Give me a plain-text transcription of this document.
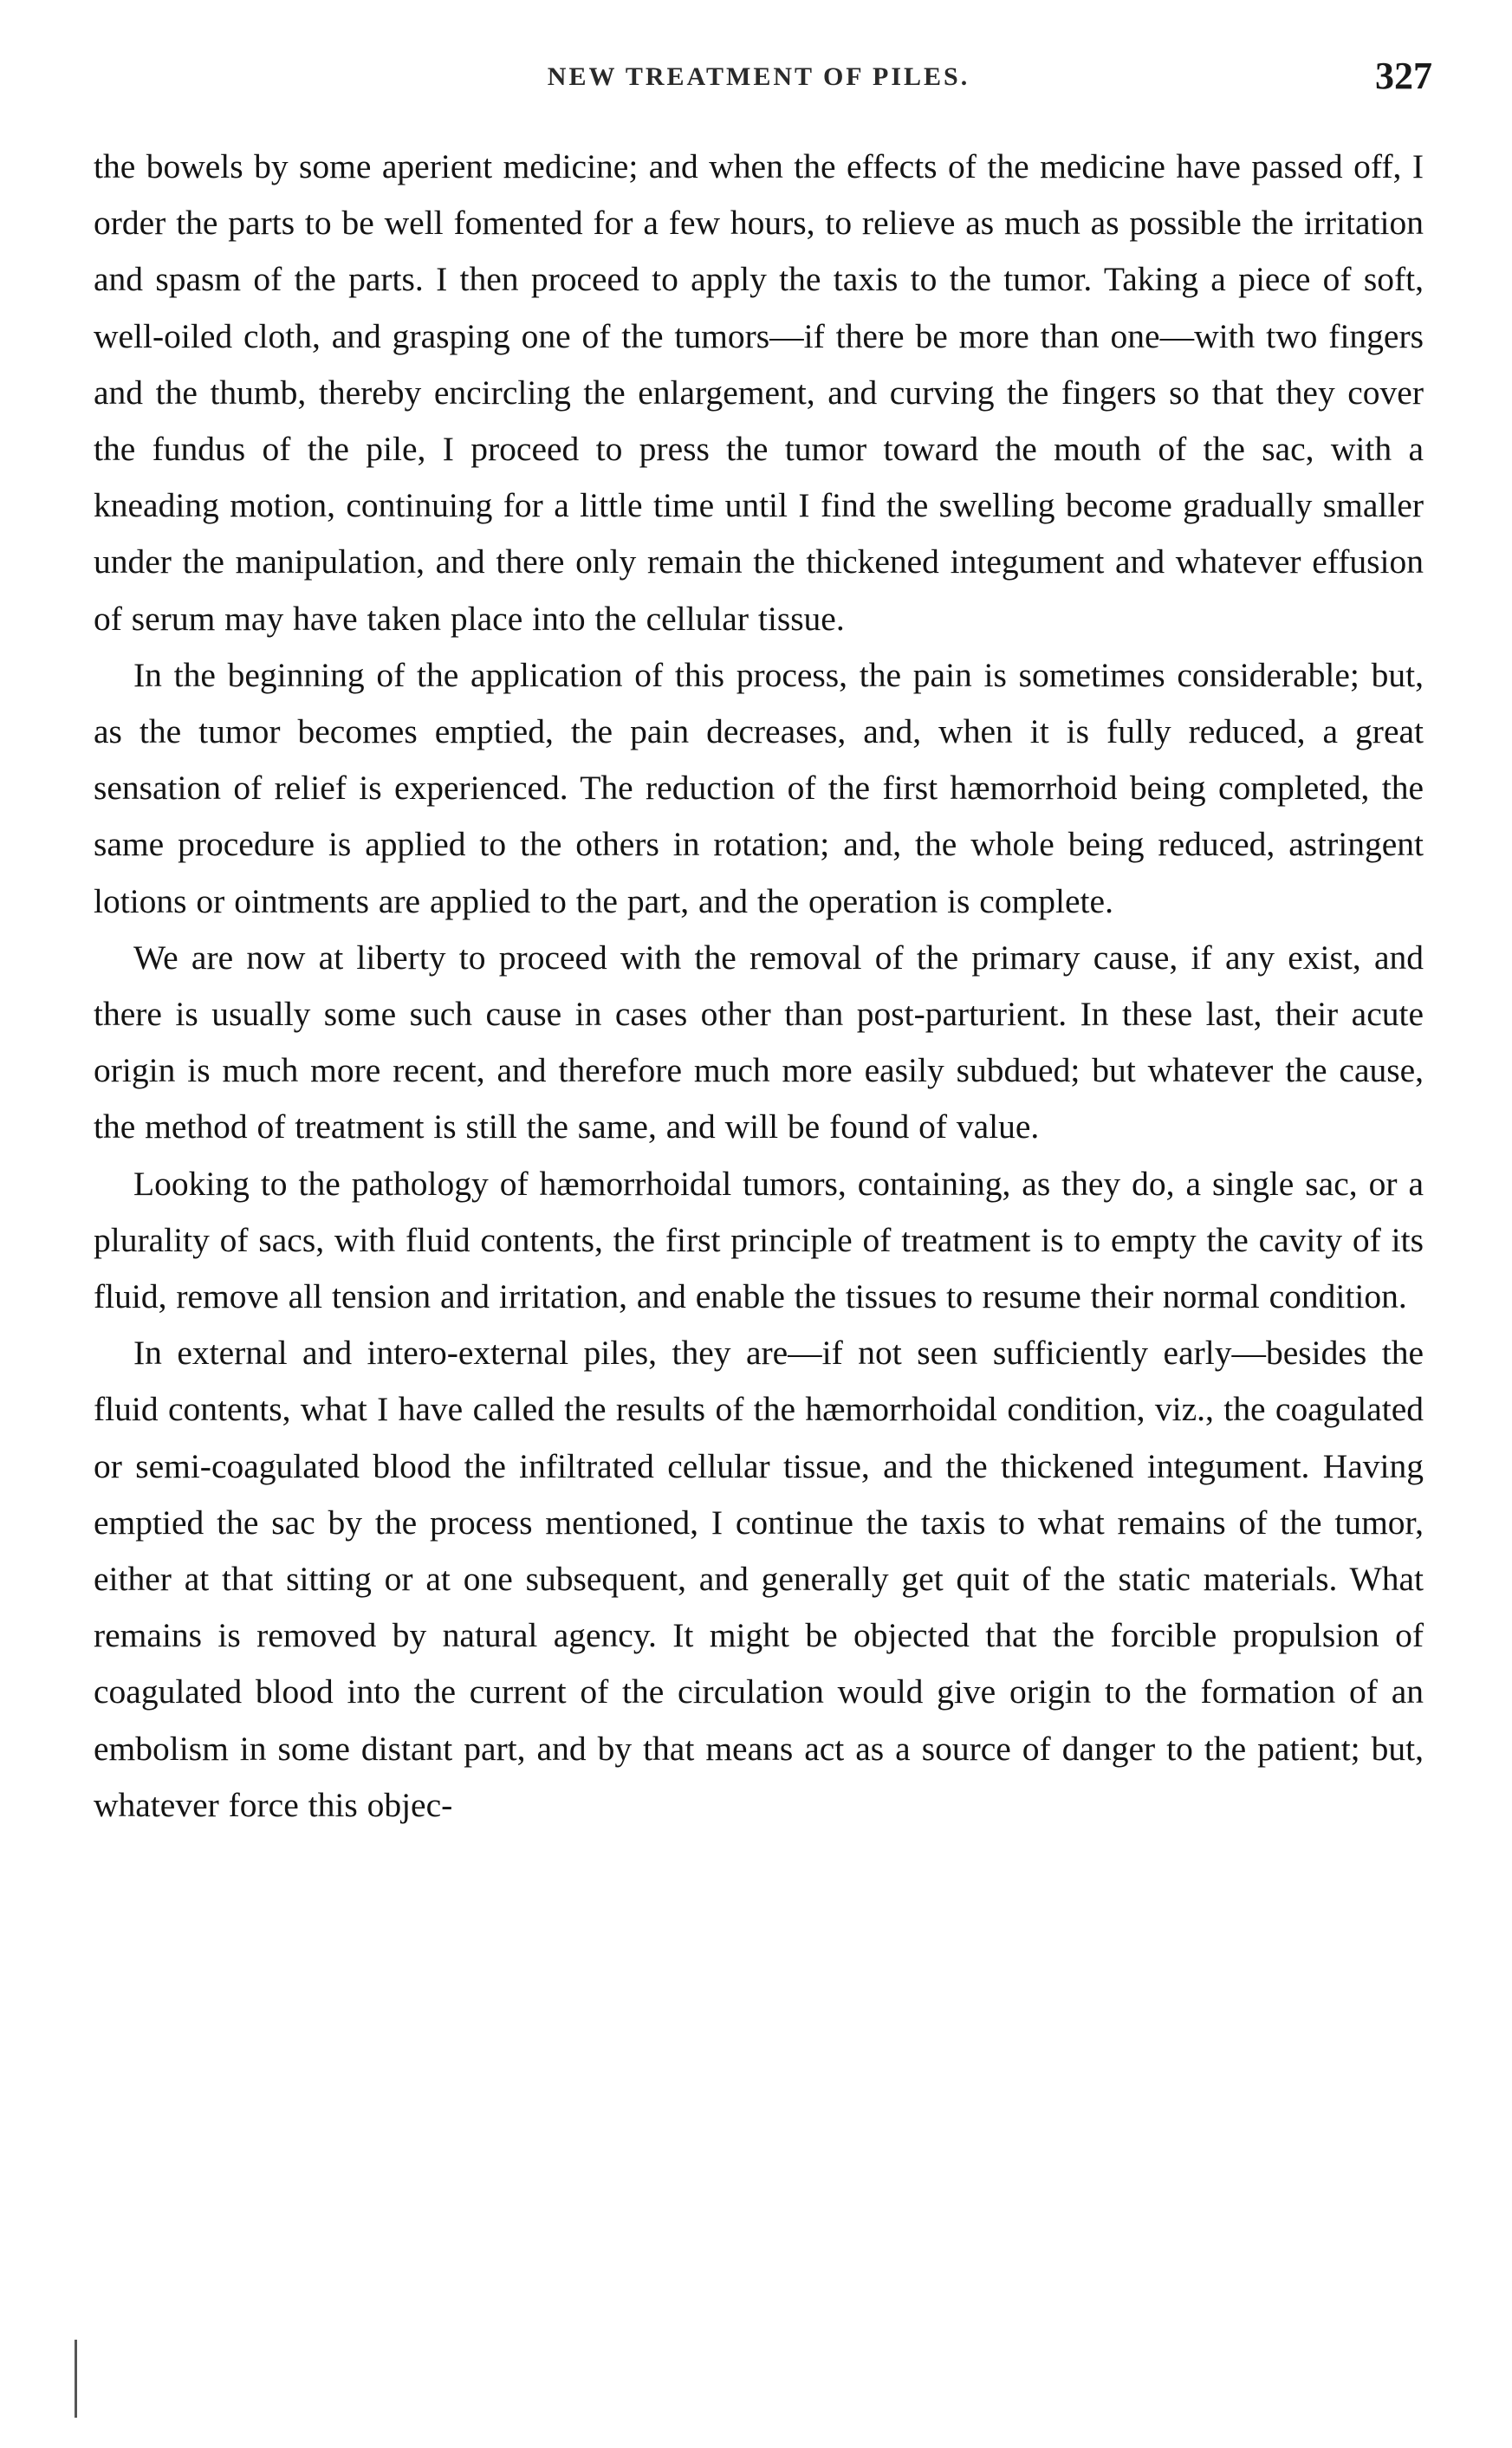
NEW TREATMENT OF PILES.	327

the bowels by some aperient medicine; and when the effects of the medicine have passed off, I order the parts to be well fomented for a few hours, to relieve as much as possible the irritation and spasm of the parts. I then proceed to apply the taxis to the tumor. Taking a piece of soft, well-oiled cloth, and grasping one of the tumors—if there be more than one—with two fingers and the thumb, thereby encircling the enlargement, and curving the fingers so that they cover the fundus of the pile, I proceed to press the tumor toward the mouth of the sac, with a kneading motion, continuing for a little time until I find the swelling become gradually smaller under the manipulation, and there only remain the thickened integument and whatever effusion of serum may have taken place into the cellular tissue.

In the beginning of the application of this process, the pain is sometimes considerable; but, as the tumor becomes emptied, the pain decreases, and, when it is fully reduced, a great sensation of relief is experienced. The reduction of the first hæmorrhoid being completed, the same procedure is applied to the others in rotation; and, the whole being reduced, astringent lotions or ointments are applied to the part, and the operation is complete.

We are now at liberty to proceed with the removal of the primary cause, if any exist, and there is usually some such cause in cases other than post-parturient. In these last, their acute origin is much more recent, and therefore much more easily subdued; but whatever the cause, the method of treatment is still the same, and will be found of value.

Looking to the pathology of hæmorrhoidal tumors, containing, as they do, a single sac, or a plurality of sacs, with fluid contents, the first principle of treatment is to empty the cavity of its fluid, remove all tension and irritation, and enable the tissues to resume their normal condition.

In external and intero-external piles, they are—if not seen sufficiently early—besides the fluid contents, what I have called the results of the hæmorrhoidal condition, viz., the coagulated or semi-coagulated blood the infiltrated cellular tissue, and the thickened integument. Having emptied the sac by the process mentioned, I continue the taxis to what remains of the tumor, either at that sitting or at one subsequent, and generally get quit of the static materials. What remains is removed by natural agency. It might be objected that the forcible propulsion of coagulated blood into the current of the circulation would give origin to the formation of an embolism in some distant part, and by that means act as a source of danger to the patient; but, whatever force this objec-
